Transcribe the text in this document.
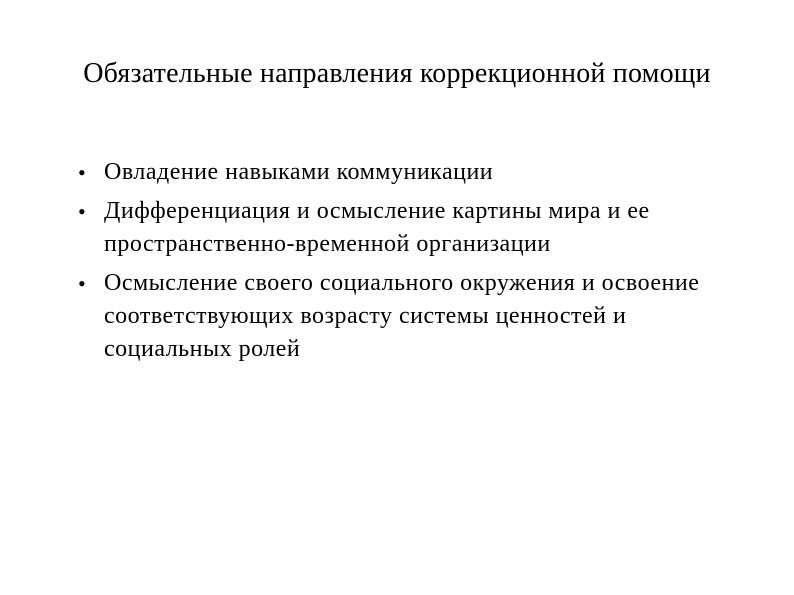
Обязательные направления коррекционной помощи
• Овладение навыками коммуникации
• Дифференциация и осмысление картины мира и ее пространственно-временной организации
• Осмысление своего социального окружения и освоение соответствующих возрасту системы ценностей и социальных ролей
